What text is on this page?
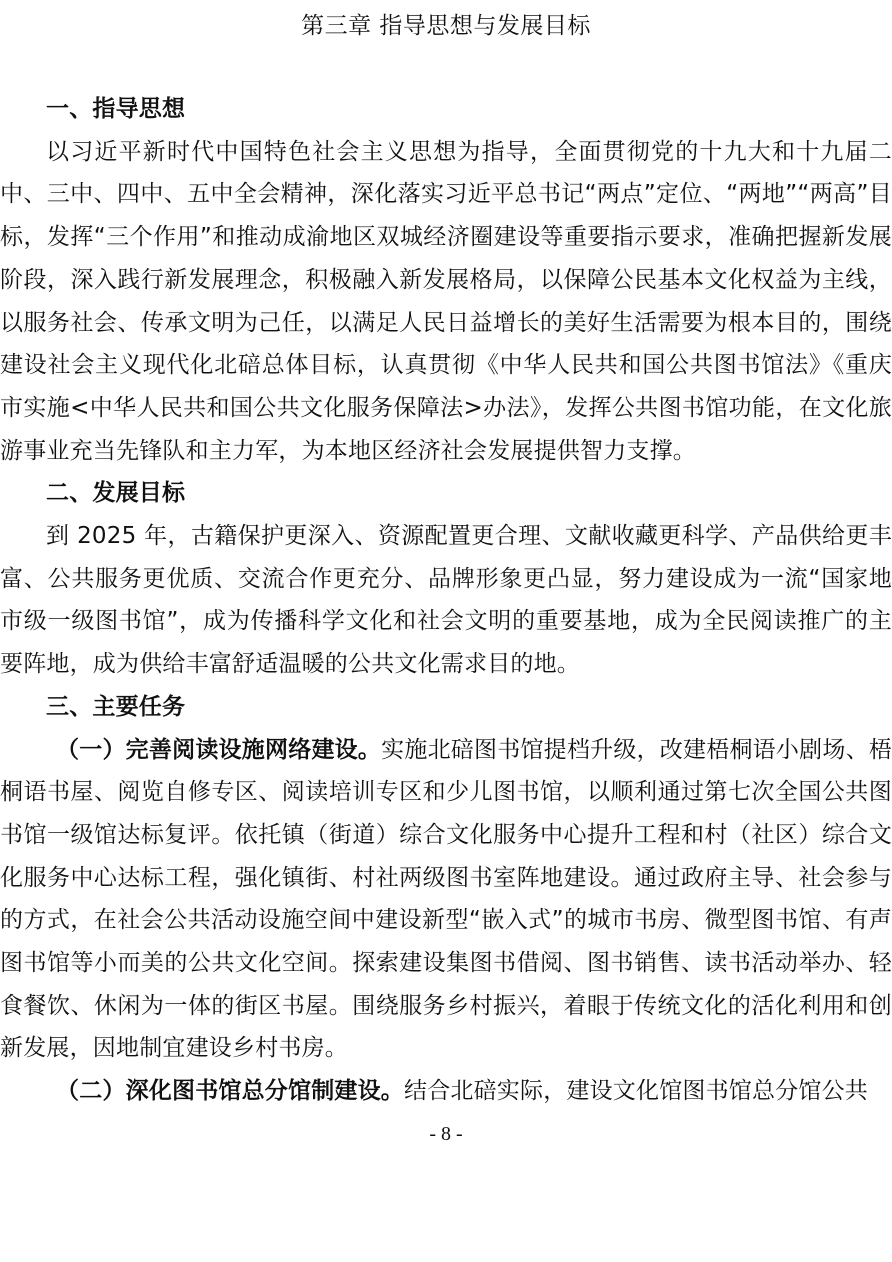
第三章 指导思想与发展目标

一、指导思想

以习近平新时代中国特色社会主义思想为指导，全面贯彻党的十九大和十九届二中、三中、四中、五中全会精神，深化落实习近平总书记“两点”定位、“两地”“两高”目标，发挥“三个作用”和推动成渝地区双城经济圈建设等重要指示要求，准确把握新发展阶段，深入践行新发展理念，积极融入新发展格局，以保障公民基本文化权益为主线，以服务社会、传承文明为己任，以满足人民日益增长的美好生活需要为根本目的，围绕建设社会主义现代化北碚总体目标，认真贯彻《中华人民共和国公共图书馆法》《重庆市实施<中华人民共和国公共文化服务保障法>办法》，发挥公共图书馆功能，在文化旅游事业充当先锋队和主力军，为本地区经济社会发展提供智力支撑。

二、发展目标

到 2025 年，古籍保护更深入、资源配置更合理、文献收藏更科学、产品供给更丰富、公共服务更优质、交流合作更充分、品牌形象更凸显，努力建设成为一流“国家地市级一级图书馆”，成为传播科学文化和社会文明的重要基地，成为全民阅读推广的主要阵地，成为供给丰富舒适温暖的公共文化需求目的地。

三、主要任务

（一）完善阅读设施网络建设。实施北碚图书馆提档升级，改建梧桐语小剧场、梧桐语书屋、阅览自修专区、阅读培训专区和少儿图书馆，以顺利通过第七次全国公共图书馆一级馆达标复评。依托镇（街道）综合文化服务中心提升工程和村（社区）综合文化服务中心达标工程，强化镇街、村社两级图书室阵地建设。通过政府主导、社会参与的方式，在社会公共活动设施空间中建设新型“嵌入式”的城市书房、微型图书馆、有声图书馆等小而美的公共文化空间。探索建设集图书借阅、图书销售、读书活动举办、轻食餐饮、休闲为一体的街区书屋。围绕服务乡村振兴，着眼于传统文化的活化利用和创新发展，因地制宜建设乡村书房。

（二）深化图书馆总分馆制建设。结合北碚实际，建设文化馆图书馆总分馆公共

- 8 -
